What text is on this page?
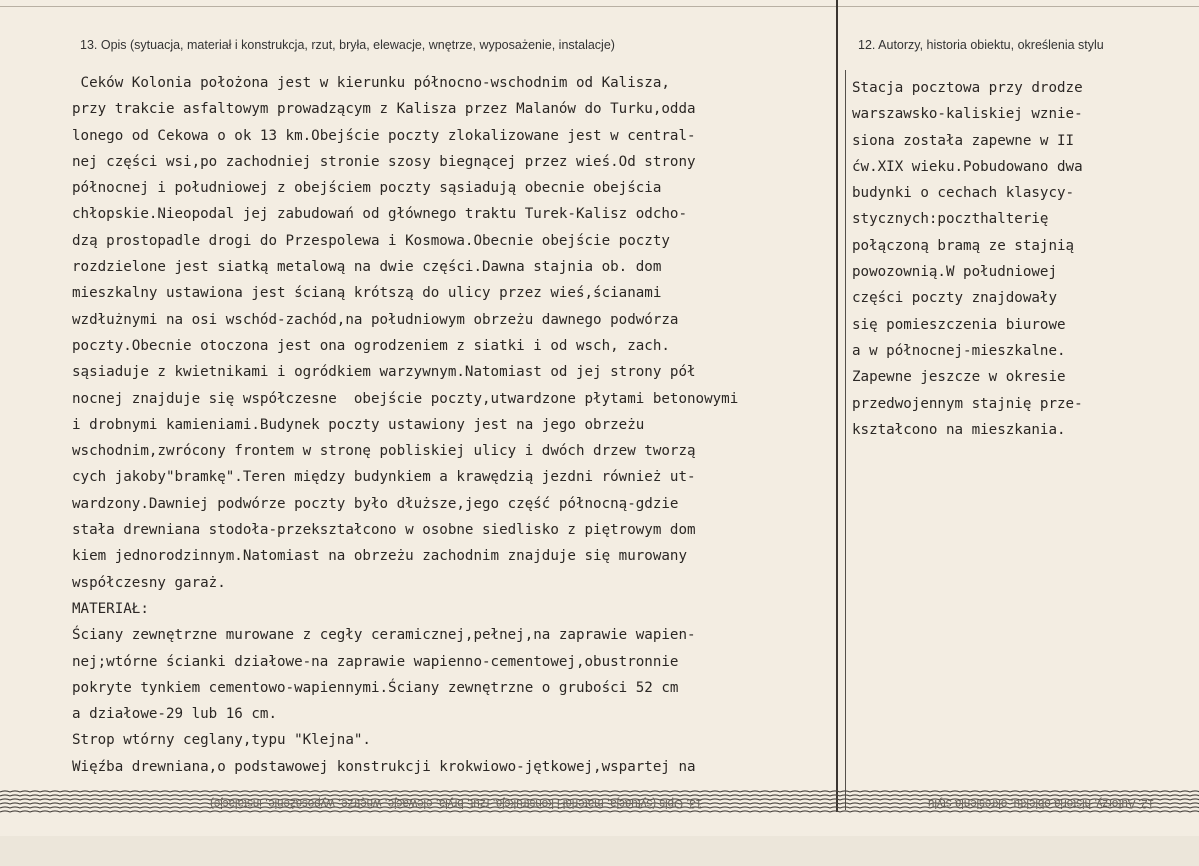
13. Opis (sytuacja, materiał i konstrukcja, rzut, bryła, elewacje, wnętrze, wyposażenie, instalacje)	12. Autorzy, historia obiektu, określenia stylu
Ceków Kolonia położona jest w kierunku północno-wschodnim od Kalisza,
przy trakcie asfaltowym prowadzącym z Kalisza przez Malanów do Turku,odda
lonego od Cekowa o ok 13 km.Obejście poczty zlokalizowane jest w central-
nej części wsi,po zachodniej stronie szosy biegnącej przez wieś.Od strony
północnej i południowej z obejściem poczty sąsiadują obecnie obejścia
chłopskie.Nieopodal jej zabudowań od głównego traktu Turek-Kalisz odcho-
dzą prostopadle drogi do Przespolewa i Kosmowa.Obecnie obejście poczty
rozdzielone jest siatką metalową na dwie części.Dawna stajnia ob. dom
mieszkalny ustawiona jest ścianą krótszą do ulicy przez wieś,ścianami
wzdłużnymi na osi wschód-zachód,na południowym obrzeżu dawnego podwórza
poczty.Obecnie otoczona jest ona ogrodzeniem z siatki i od wsch, zach.
sąsiaduje z kwietnikami i ogródkiem warzywnym.Natomiast od jej strony pół
nocnej znajduje się współczesne  obejście poczty,utwardzone płytami betonowymi
i drobnymi kamieniami.Budynek poczty ustawiony jest na jego obrzeżu
wschodnim,zwrócony frontem w stronę pobliskiej ulicy i dwóch drzew tworzą
cych jakoby"bramkę".Teren między budynkiem a krawędzią jezdni również ut-
wardzony.Dawniej podwórze poczty było dłuższe,jego część północną-gdzie
stała drewniana stodoła-przekształcono w osobne siedlisko z piętrowym dom
kiem jednorodzinnym.Natomiast na obrzeżu zachodnim znajduje się murowany
współczesny garaż.
MATERIAŁ:
Ściany zewnętrzne murowane z cegły ceramicznej,pełnej,na zaprawie wapien-
nej;wtórne ścianki działowe-na zaprawie wapienno-cementowej,obustronnie
pokryte tynkiem cementowo-wapiennymi.Ściany zewnętrzne o grubości 52 cm
a działowe-29 lub 16 cm.
Strop wtórny ceglany,typu "Klejna".
Więźba drewniana,o podstawowej konstrukcji krokwiowo-jętkowej,wspartej na
Stacja pocztowa przy drodze
warszawsko-kaliskiej wznie-
siona została zapewne w II
ćw.XIX wieku.Pobudowano dwa
budynki o cechach klasycy-
stycznych:poczthalterię
połączoną bramą ze stajnią
powozownią.W południowej
części poczty znajdowały
się pomieszczenia biurowe
a w północnej-mieszkalne.
Zapewne jeszcze w okresie
przedwojennym stajnię prze-
kształcono na mieszkania.
13. Opis (sytuacja, materiał i konstrukcja, rzut, bryła, elewacje, wnętrze, wyposażenie, instalacje)	12. Autorzy, historia obiektu, określenia stylu
